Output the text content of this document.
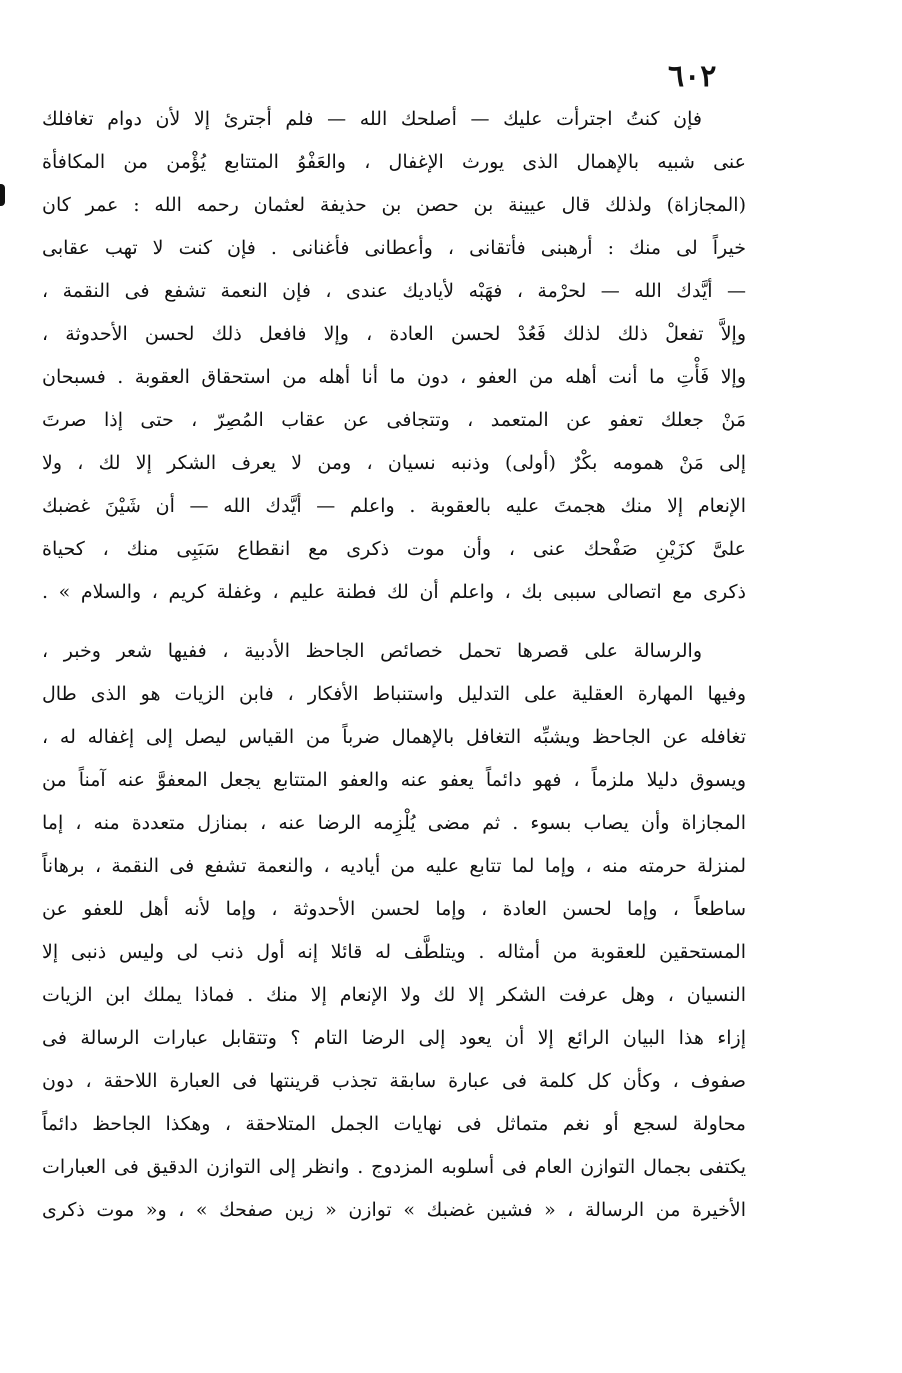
٦٠٢
فإن كنتُ اجترأت عليك — أصلحك الله — فلم أجترئ إلا لأن دوام تغافلك
عنى شبيه بالإهمال الذى يورث الإغفال ، والعَفْوُ المتتابع يُؤْمن من المكافأة
(المجازاة) ولذلك قال عيينة بن حصن بن حذيفة لعثمان رحمه الله : عمر كان
خيراً لى منك : أرهبنى فأتقانى ، وأعطانى فأغنانى . فإن كنت لا تهب عقابى
— أيَّدك الله — لحرْمة ، فهَبْه لأياديك عندى ، فإن النعمة تشفع فى النقمة ،
وإلاَّ تفعلْ ذلك لذلك فَعُدْ لحسن العادة ، وإلا فافعل ذلك لحسن الأحدوثة ،
وإلا فَأْتِ ما أنت أهله من العفو ، دون ما أنا أهله من استحقاق العقوبة . فسبحان
مَنْ جعلك تعفو عن المتعمد ، وتتجافى عن عقاب المُصِرّ ، حتى إذا صرتَ
إلى مَنْ همومه بكْرٌ (أولى) وذنبه نسيان ، ومن لا يعرف الشكر إلا لك ، ولا
الإنعام إلا منك هجمتَ عليه بالعقوبة . واعلم — أيَّدك الله — أن شَيْنَ غضبك
علىَّ كزَيْنِ صَفْحك عنى ، وأن موت ذكرى مع انقطاع سَبَبِى منك ، كحياة
ذكرى مع اتصالى سببى بك ، واعلم أن لك فطنة عليم ، وغفلة كريم ، والسلام » .
والرسالة على قصرها تحمل خصائص الجاحظ الأدبية ، ففيها شعر وخبر ،
وفيها المهارة العقلية على التدليل واستنباط الأفكار ، فابن الزيات هو الذى طال
تغافله عن الجاحظ ويشبِّه التغافل بالإهمال ضرباً من القياس ليصل إلى إغفاله له ،
ويسوق دليلا ملزماً ، فهو دائماً يعفو عنه والعفو المتتابع يجعل المعفوَّ عنه آمناً من
المجازاة وأن يصاب بسوء . ثم مضى يُلْزِمه الرضا عنه ، بمنازل متعددة منه ، إما
لمنزلة حرمته منه ، وإما لما تتابع عليه من أياديه ، والنعمة تشفع فى النقمة ، برهاناً
ساطعاً ، وإما لحسن العادة ، وإما لحسن الأحدوثة ، وإما لأنه أهل للعفو عن
المستحقين للعقوبة من أمثاله . ويتلطَّف له قائلا إنه أول ذنب لى وليس ذنبى إلا
النسيان ، وهل عرفت الشكر إلا لك ولا الإنعام إلا منك . فماذا يملك ابن الزيات
إزاء هذا البيان الرائع إلا أن يعود إلى الرضا التام ؟ وتتقابل عبارات الرسالة فى
صفوف ، وكأن كل كلمة فى عبارة سابقة تجذب قرينتها فى العبارة اللاحقة ، دون
محاولة لسجع أو نغم متماثل فى نهايات الجمل المتلاحقة ، وهكذا الجاحظ دائماً
يكتفى بجمال التوازن العام فى أسلوبه المزدوج . وانظر إلى التوازن الدقيق فى العبارات
الأخيرة من الرسالة ، « فشين غضبك » توازن « زين صفحك » ، و« موت ذكرى
